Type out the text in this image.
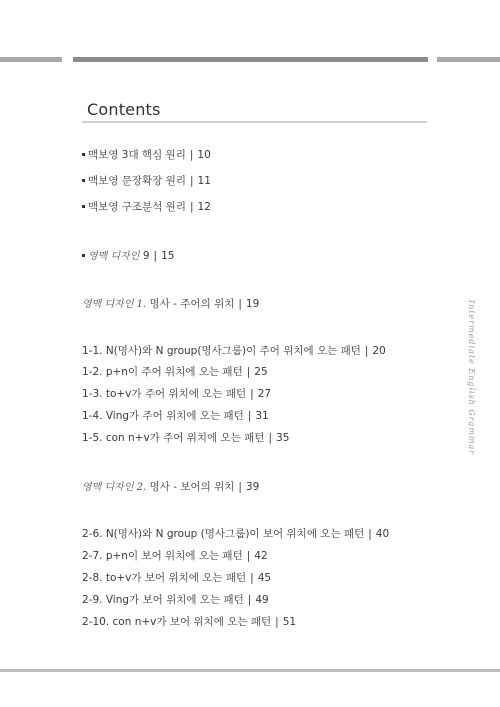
Contents
맥보영 3대 핵심 원리 | 10
맥보영 문장확장 원리 | 11
맥보영 구조분석 원리 | 12
영맥 디자인 9 | 15
영맥 디자인 1. 명사 - 주어의 위치 | 19
1-1. N(명사)와 N group(명사그룹)이 주어 위치에 오는 패턴 | 20
1-2. p+n이 주어 위치에 오는 패턴 | 25
1-3. to+v가 주어 위치에 오는 패턴 | 27
1-4. Ving가 주어 위치에 오는 패턴 | 31
1-5. con n+v가 주어 위치에 오는 패턴 | 35
영맥 디자인 2. 명사 - 보어의 위치 | 39
2-6. N(명사)와 N group (명사그룹)이 보어 위치에 오는 패턴 | 40
2-7. p+n이 보어 위치에 오는 패턴 | 42
2-8. to+v가 보어 위치에 오는 패턴 | 45
2-9. Ving가 보어 위치에 오는 패턴 | 49
2-10. con n+v가 보어 위치에 오는 패턴 | 51
Intermediate English Grammar
